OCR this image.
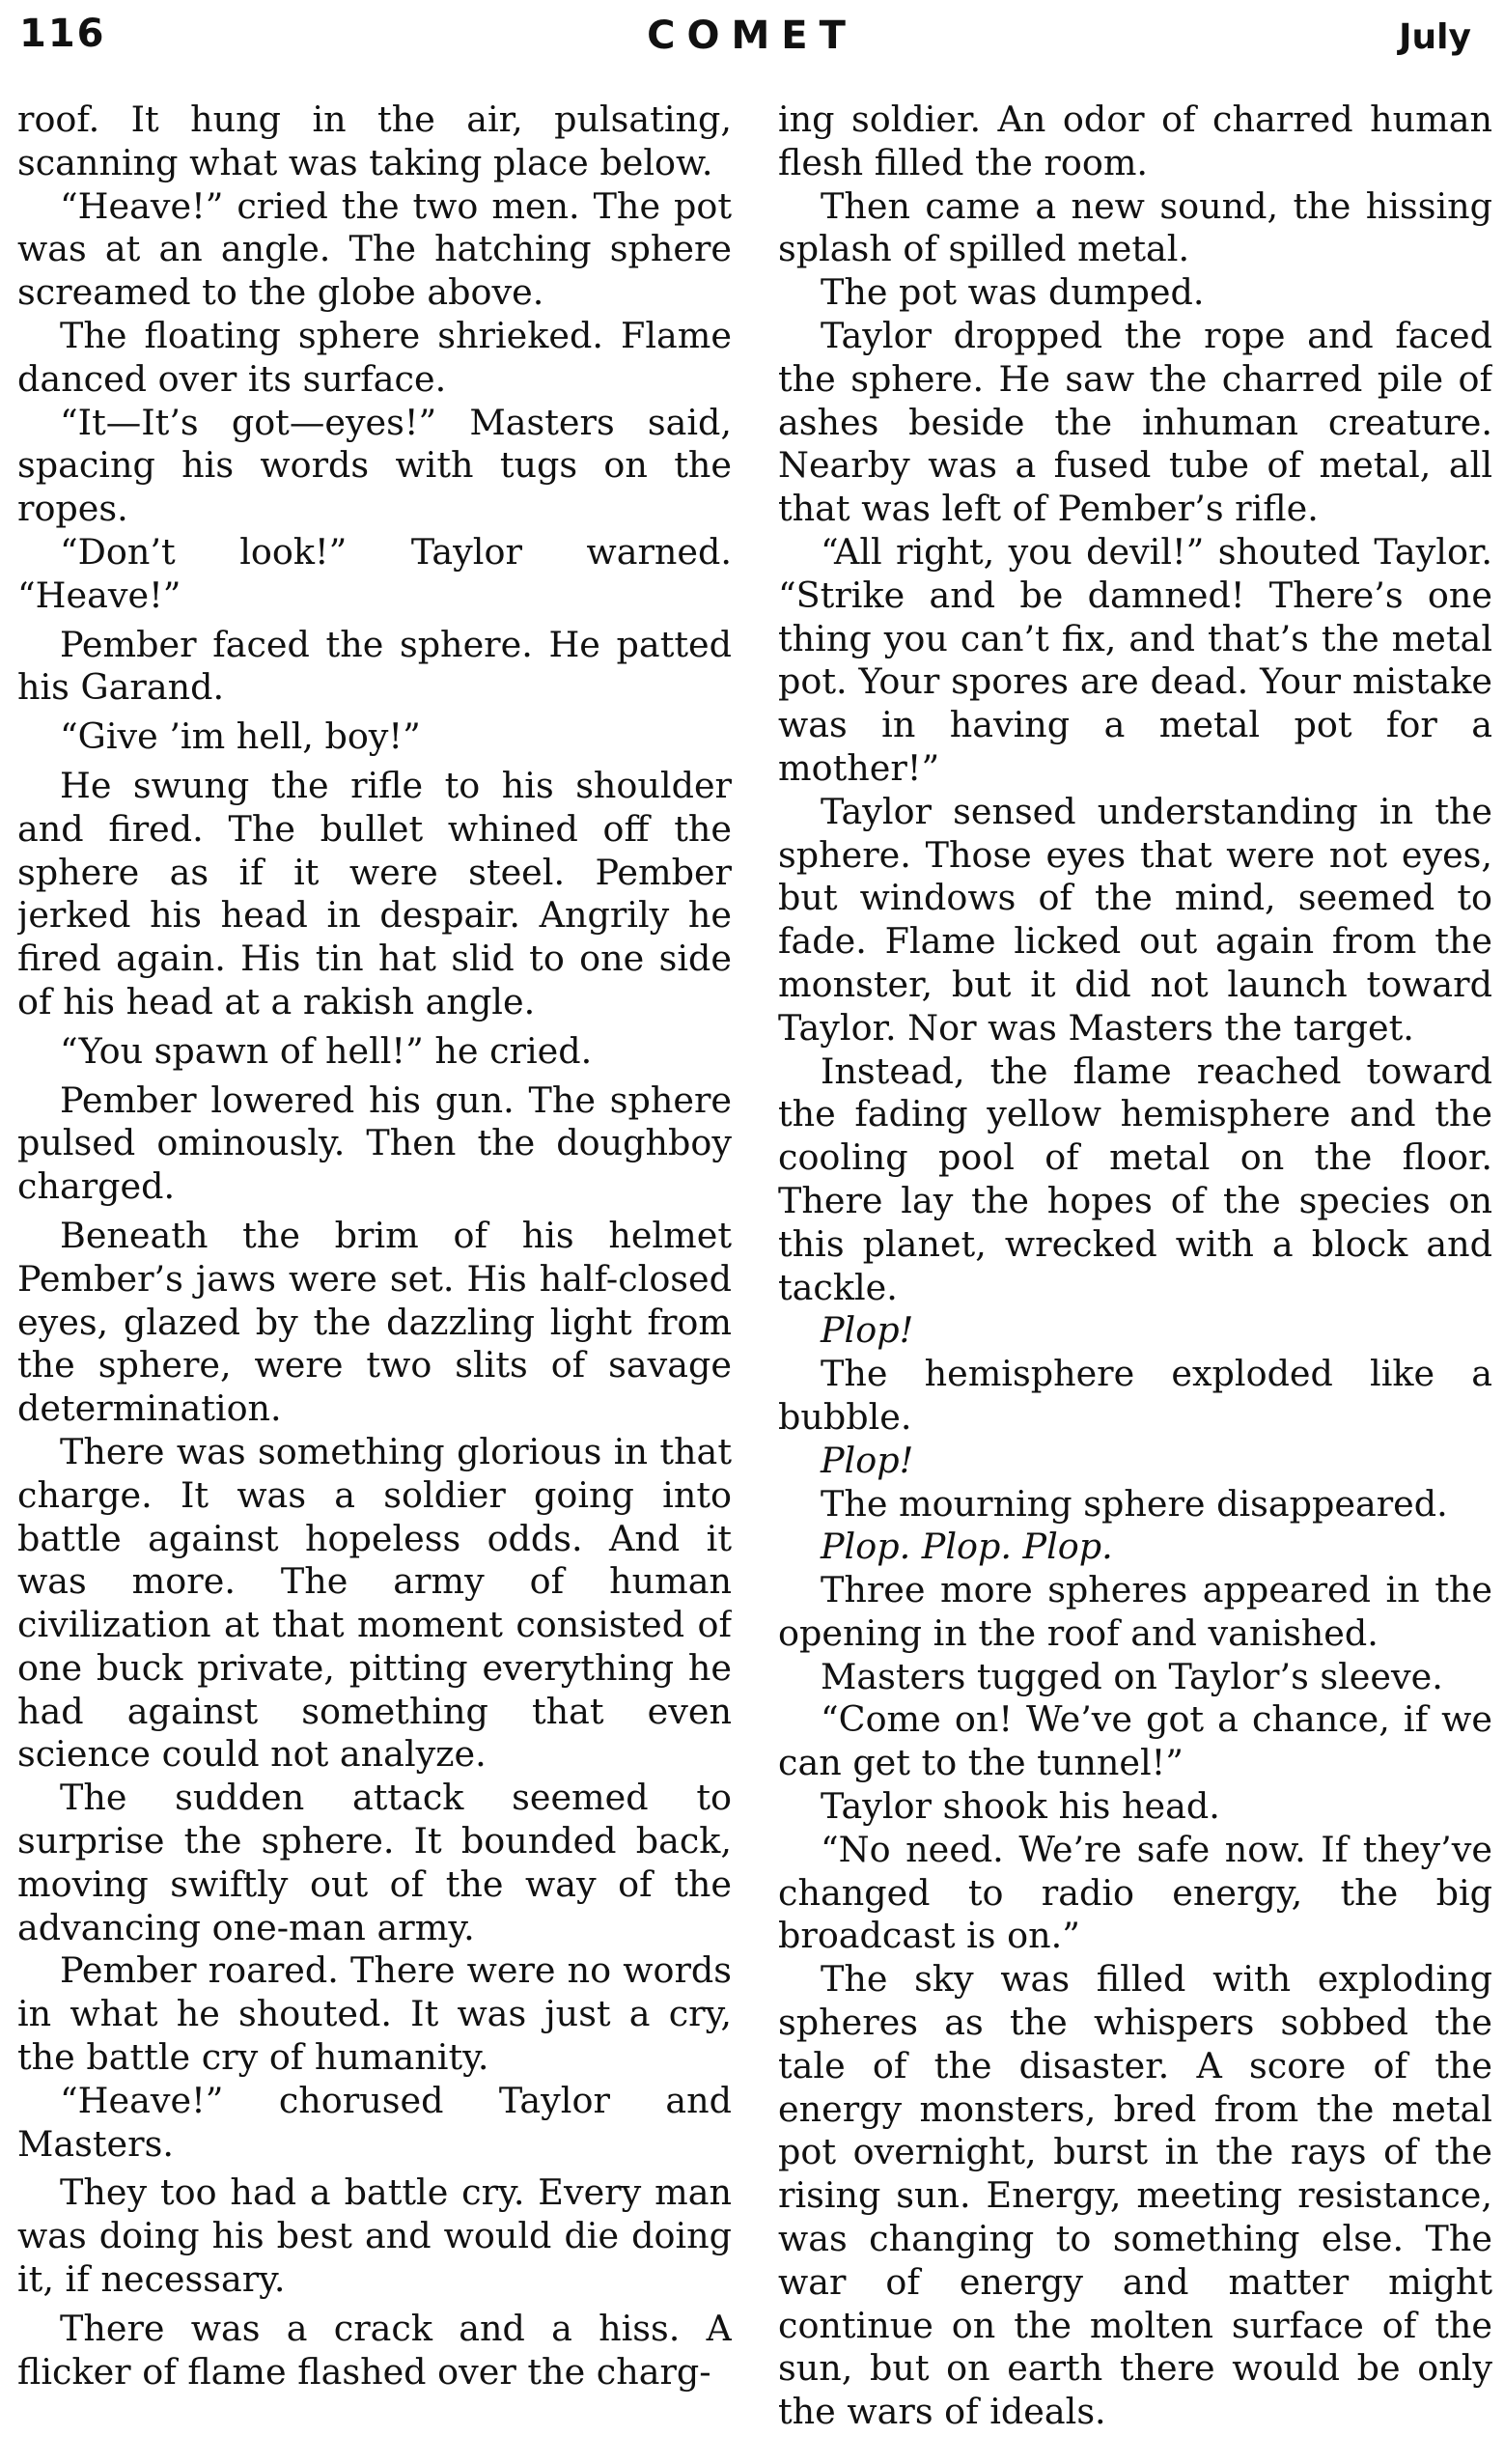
116	COMET	July

roof. It hung in the air, pulsating, scanning what was taking place below.

“Heave!” cried the two men. The pot was at an angle. The hatching sphere screamed to the globe above.

The floating sphere shrieked. Flame danced over its surface.

“It—It’s got—eyes!” Masters said, spacing his words with tugs on the ropes.

“Don’t look!” Taylor warned. “Heave!”

Pember faced the sphere. He patted his Garand.

“Give ’im hell, boy!”

He swung the rifle to his shoulder and fired. The bullet whined off the sphere as if it were steel. Pember jerked his head in despair. Angrily he fired again. His tin hat slid to one side of his head at a rakish angle.

“You spawn of hell!” he cried.

Pember lowered his gun. The sphere pulsed ominously. Then the doughboy charged.

Beneath the brim of his helmet Pember’s jaws were set. His half-closed eyes, glazed by the dazzling light from the sphere, were two slits of savage determination.

There was something glorious in that charge. It was a soldier going into battle against hopeless odds. And it was more. The army of human civilization at that moment consisted of one buck private, pitting everything he had against something that even science could not analyze.

The sudden attack seemed to surprise the sphere. It bounded back, moving swiftly out of the way of the advancing one-man army.

Pember roared. There were no words in what he shouted. It was just a cry, the battle cry of humanity.

“Heave!” chorused Taylor and Masters.

They too had a battle cry. Every man was doing his best and would die doing it, if necessary.

There was a crack and a hiss. A flicker of flame flashed over the charg-

ing soldier. An odor of charred human flesh filled the room.

Then came a new sound, the hissing splash of spilled metal.

The pot was dumped.

Taylor dropped the rope and faced the sphere. He saw the charred pile of ashes beside the inhuman creature. Nearby was a fused tube of metal, all that was left of Pember’s rifle.

“All right, you devil!” shouted Taylor. “Strike and be damned! There’s one thing you can’t fix, and that’s the metal pot. Your spores are dead. Your mistake was in having a metal pot for a mother!”

Taylor sensed understanding in the sphere. Those eyes that were not eyes, but windows of the mind, seemed to fade. Flame licked out again from the monster, but it did not launch toward Taylor. Nor was Masters the target.

Instead, the flame reached toward the fading yellow hemisphere and the cooling pool of metal on the floor. There lay the hopes of the species on this planet, wrecked with a block and tackle.

Plop!

The hemisphere exploded like a bubble.

Plop!

The mourning sphere disappeared.

Plop. Plop. Plop.

Three more spheres appeared in the opening in the roof and vanished.

Masters tugged on Taylor’s sleeve.

“Come on! We’ve got a chance, if we can get to the tunnel!”

Taylor shook his head.

“No need. We’re safe now. If they’ve changed to radio energy, the big broadcast is on.”

The sky was filled with exploding spheres as the whispers sobbed the tale of the disaster. A score of the energy monsters, bred from the metal pot overnight, burst in the rays of the rising sun. Energy, meeting resistance, was changing to something else. The war of energy and matter might continue on the molten surface of the sun, but on earth there would be only the wars of ideals.
